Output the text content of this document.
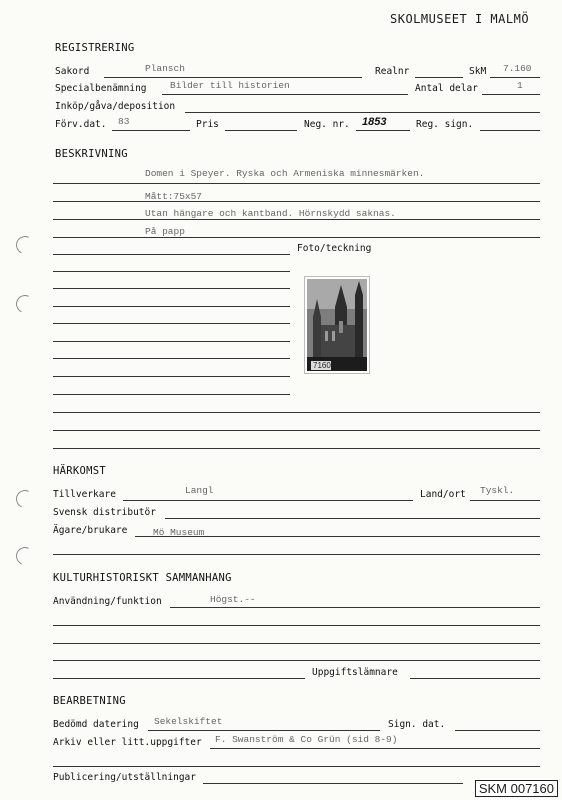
SKOLMUSEET I MALMÖ
REGISTRERING
Sakord	Plansch	Realnr	SkM 7.160
Specialbenämning Bilder till historien	Antal delar	1
Inköp/gåva/deposition
Förv.dat. 83	Pris	Neg. nr. 1853	Reg. sign.
BESKRIVNING
Domen i Speyer. Ryska och Armeniska minnesmärken.
Mått:75x57
Utan hängare och kantband. Hörnskydd saknas.
På papp
Foto/teckning
7160
HÄRKOMST
Tillverkare	Langl	Land/ort Tyskl.
Svensk distributör
Ägare/brukare	Mö Museum
KULTURHISTORISKT SAMMANHANG
Användning/funktion	Högst.--
Uppgiftslämnare
BEARBETNING
Bedömd datering Sekelskiftet	Sign. dat.
Arkiv eller litt.uppgifter F. Swanström & Co Grün (sid 8-9)
Publicering/utställningar
SKM 007160
